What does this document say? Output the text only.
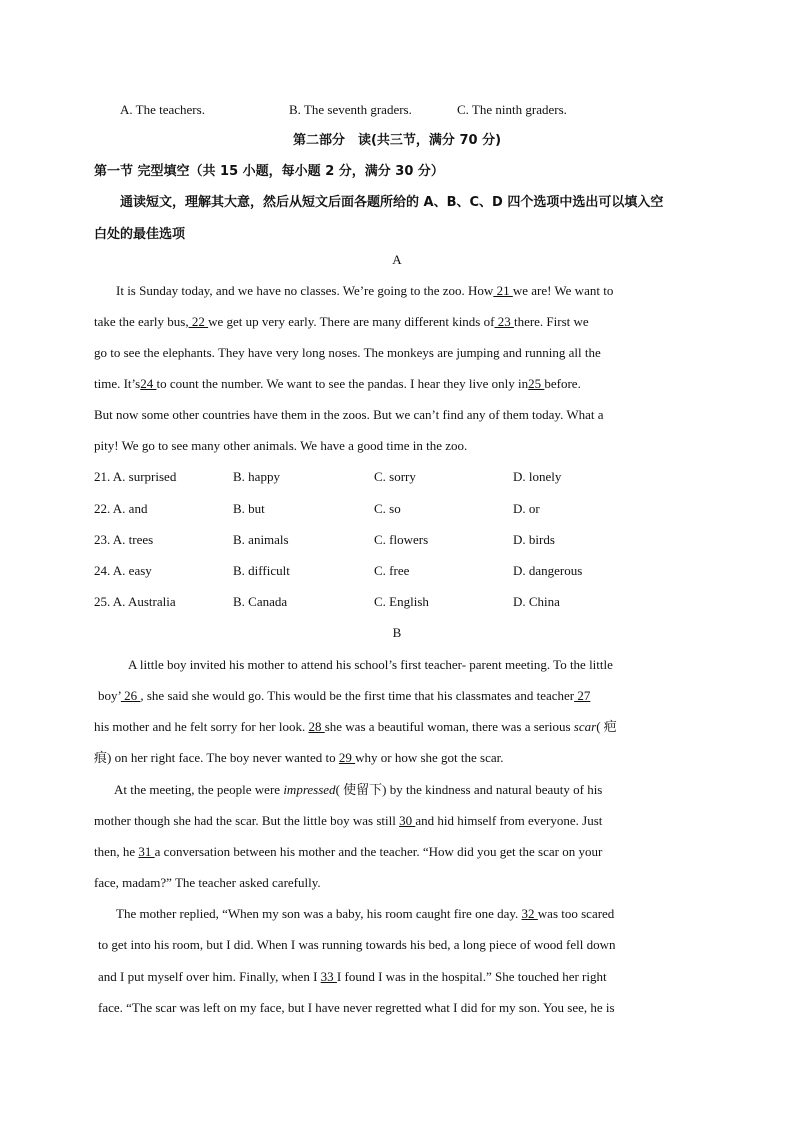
A. The teachers.	B. The seventh graders.	C. The ninth graders.
第二部分　读(共三节，满分 70 分)
第一节 完型填空（共 15 小题，每小题 2 分，满分 30 分）
通读短文，理解其大意，然后从短文后面各题所给的 A、B、C、D 四个选项中选出可以填入空
白处的最佳选项
A
It is Sunday today, and we have no classes. We’re going to the zoo. How 21 we are! We want to
take the early bus, 22 we get up very early. There are many different kinds of 23 there. First we
go to see the elephants. They have very long noses. The monkeys are jumping and running all the
time. It’s24 to count the number. We want to see the pandas. I hear they live only in25 before.
But now some other countries have them in the zoos. But we can’t find any of them today. What a
pity! We go to see many other animals. We have a good time in the zoo.
21. A. surprised	B. happy	C. sorry	D. lonely
22. A. and	B. but	C. so	D. or
23. A. trees	B. animals	C. flowers	D. birds
24. A. easy	B. difficult	C. free	D. dangerous
25. A. Australia	B. Canada	C. English	D. China
B
A little boy invited his mother to attend his school’s first teacher- parent meeting. To the little
boy’ 26 , she said she would go. This would be the first time that his classmates and teacher 27
his mother and he felt sorry for her look. 28 she was a beautiful woman, there was a serious scar( 疤
痕) on her right face. The boy never wanted to 29 why or how she got the scar.
At the meeting, the people were impressed( 使留下) by the kindness and natural beauty of his
mother though she had the scar. But the little boy was still 30 and hid himself from everyone. Just
then, he 31 a conversation between his mother and the teacher. “How did you get the scar on your
face, madam?” The teacher asked carefully.
The mother replied, “When my son was a baby, his room caught fire one day. 32 was too scared
to get into his room, but I did. When I was running towards his bed, a long piece of wood fell down
and I put myself over him. Finally, when I 33 I found I was in the hospital.” She touched her right
face. “The scar was left on my face, but I have never regretted what I did for my son. You see, he is
